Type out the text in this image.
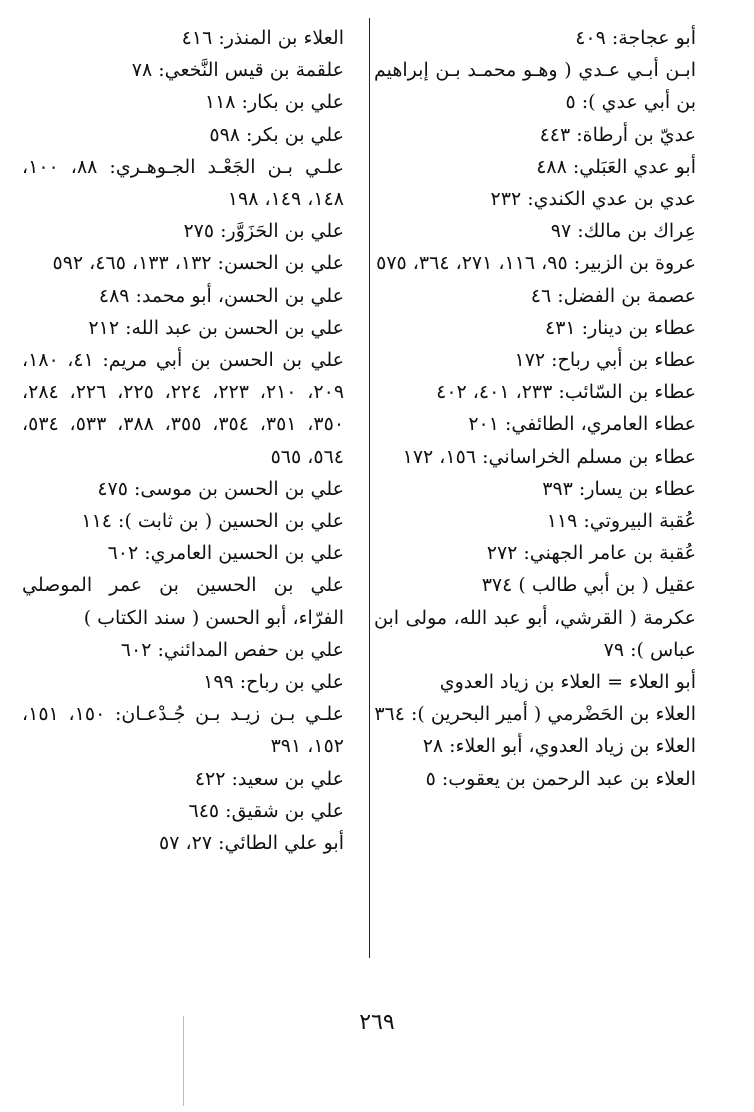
أبو عجاجة: ٤٠٩

ابـن أبـي عـدي ( وهـو محمـد بـن إبراهيم بن أبي عدي ): ٥

عديّ بن أرطاة: ٤٤٣

أبو عدي العَبَلي: ٤٨٨

عدي بن عدي الكندي: ٢٣٢

عِراك بن مالك: ٩٧

عروة بن الزبير: ٩٥، ١١٦، ٢٧١، ٣٦٤، ٥٧٥

عصمة بن الفضل: ٤٦

عطاء بن دينار: ٤٣١

عطاء بن أبي رباح: ١٧٢

عطاء بن السّائب: ٢٣٣، ٤٠١، ٤٠٢

عطاء العامري، الطائفي: ٢٠١

عطاء بن مسلم الخراساني: ١٥٦، ١٧٢

عطاء بن يسار: ٣٩٣

عُقبة البيروتي: ١١٩

عُقبة بن عامر الجهني: ٢٧٢

عقيل ( بن أبي طالب ) ٣٧٤

عكرمة ( القرشي، أبو عبد الله، مولى ابن عباس ): ٧٩

أبو العلاء = العلاء بن زياد العدوي

العلاء بن الحَضْرمي ( أمير البحرين ): ٣٦٤

العلاء بن زياد العدوي، أبو العلاء: ٢٨

العلاء بن عبد الرحمن بن يعقوب: ٥

العلاء بن المنذر: ٤١٦

علقمة بن قيس النَّخعي: ٧٨

علي بن بكار: ١١٨

علي بن بكر: ٥٩٨

علـي بـن الجَعْـد الجـوهـري: ٨٨، ١٠٠، ١٤٨، ١٤٩، ١٩٨

علي بن الحَزَوَّر: ٢٧٥

علي بن الحسن: ١٣٢، ١٣٣، ٤٦٥، ٥٩٢

علي بن الحسن، أبو محمد: ٤٨٩

علي بن الحسن بن عبد الله: ٢١٢

علي بن الحسن بن أبي مريم: ٤١، ١٨٠، ٢٠٩، ٢١٠، ٢٢٣، ٢٢٤، ٢٢٥، ٢٢٦، ٢٨٤، ٣٥٠، ٣٥١، ٣٥٤، ٣٥٥، ٣٨٨، ٥٣٣، ٥٣٤، ٥٦٤، ٥٦٥

علي بن الحسن بن موسى: ٤٧٥

علي بن الحسين ( بن ثابت ): ١١٤

علي بن الحسين العامري: ٦٠٢

علي بن الحسين بن عمر الموصلي الفرّاء، أبو الحسن ( سند الكتاب )

علي بن حفص المدائني: ٦٠٢

علي بن رباح: ١٩٩

علـي بـن زيـد بـن جُـدْعـان: ١٥٠، ١٥١، ١٥٢، ٣٩١

علي بن سعيد: ٤٢٢

علي بن شقيق: ٦٤٥

أبو علي الطائي: ٢٧، ٥٧

٢٦٩
